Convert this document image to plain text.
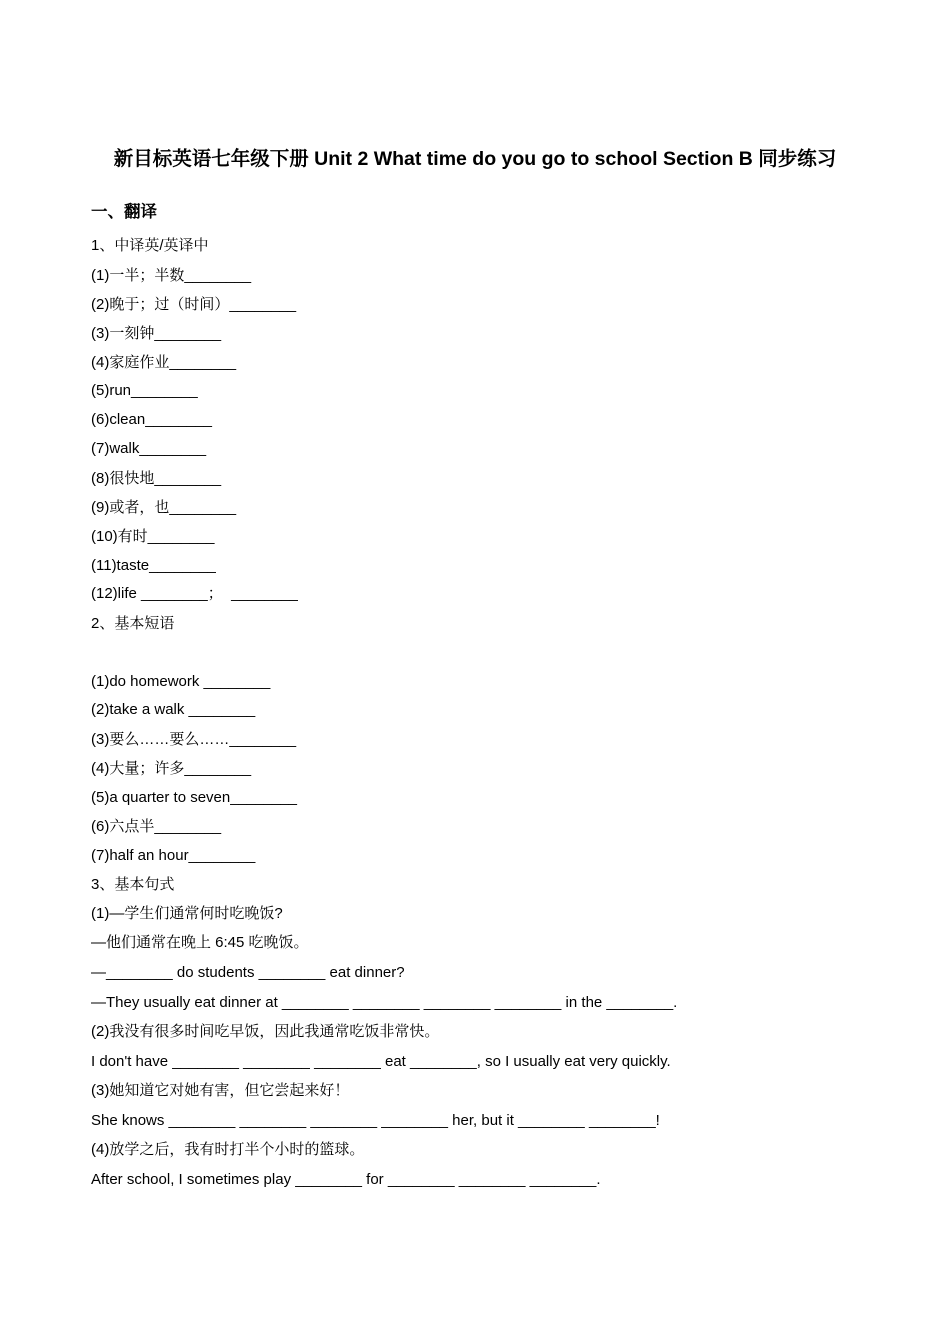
新目标英语七年级下册 Unit 2 What time do you go to school Section B 同步练习
一、翻译
1、中译英/英译中
(1)一半；半数________
(2)晚于；过（时间）________
(3)一刻钟________
(4)家庭作业________
(5)run________
(6)clean________
(7)walk________
(8)很快地________
(9)或者，也________
(10)有时________
(11)taste________
(12)life ________；  ________
2、基本短语
(1)do homework ________
(2)take a walk ________
(3)要么……要么……________
(4)大量；许多________
(5)a quarter to seven________
(6)六点半________
(7)half an hour________
3、基本句式
(1)—学生们通常何时吃晚饭?
—他们通常在晚上 6:45 吃晚饭。
—________ do students ________ eat dinner?
—They usually eat dinner at ________ ________ ________ ________ in the ________.
(2)我没有很多时间吃早饭，因此我通常吃饭非常快。
I don't have ________ ________ ________ eat ________, so I usually eat very quickly.
(3)她知道它对她有害，但它尝起来好！
She knows ________ ________ ________ ________ her, but it ________ ________!
(4)放学之后，我有时打半个小时的篮球。
After school, I sometimes play ________ for ________ ________ ________.
